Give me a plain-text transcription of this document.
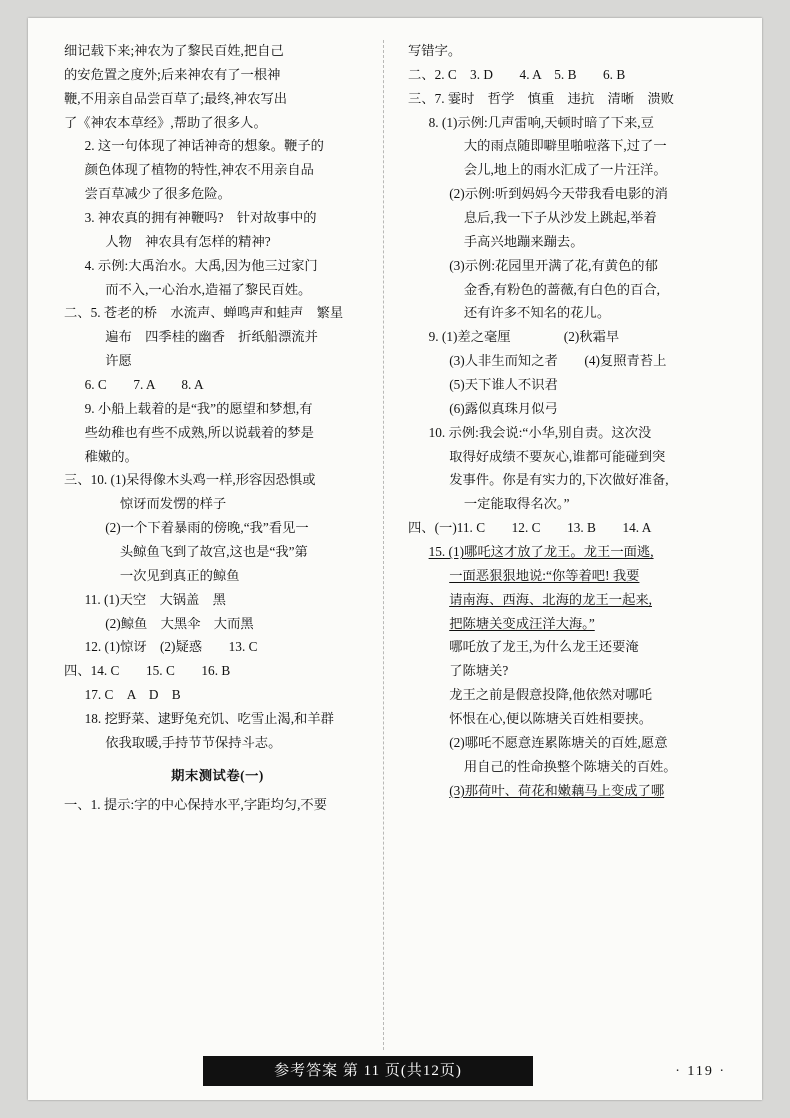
细记载下来;神农为了黎民百姓,把自己

的安危置之度外;后来神农有了一根神

鞭,不用亲自品尝百草了;最终,神农写出

了《神农本草经》,帮助了很多人。

2. 这一句体现了神话神奇的想象。鞭子的

颜色体现了植物的特性,神农不用亲自品

尝百草减少了很多危险。

3. 神农真的拥有神鞭吗?　针对故事中的

人物　神农具有怎样的精神?

4. 示例:大禹治水。大禹,因为他三过家门

而不入,一心治水,造福了黎民百姓。

二、5. 苍老的桥　水流声、蝉鸣声和蛙声　繁星

遍布　四季桂的幽香　折纸船漂流并

许愿

6. C　　7. A　　8. A

9. 小船上载着的是“我”的愿望和梦想,有

些幼稚也有些不成熟,所以说载着的梦是

稚嫩的。

三、10. (1)呆得像木头鸡一样,形容因恐惧或

惊讶而发愣的样子

(2)一个下着暴雨的傍晚,“我”看见一

头鲸鱼飞到了故宫,这也是“我”第

一次见到真正的鲸鱼

11. (1)天空　大锅盖　黑

(2)鲸鱼　大黑伞　大而黑

12. (1)惊讶　(2)疑惑　　13. C

四、14. C　　15. C　　16. B

17. C　A　D　B

18. 挖野菜、逮野兔充饥、吃雪止渴,和羊群

依我取暖,手持节节保持斗志。

期末测试卷(一)

一、1. 提示:字的中心保持水平,字距均匀,不要

写错字。

二、2. C　3. D　　4. A　5. B　　6. B

三、7. 霎时　哲学　慎重　违抗　清晰　溃败

8. (1)示例:几声雷响,天顿时暗了下来,豆

大的雨点随即噼里啪啦落下,过了一

会儿,地上的雨水汇成了一片汪洋。

(2)示例:听到妈妈今天带我看电影的消

息后,我一下子从沙发上跳起,举着

手高兴地蹦来蹦去。

(3)示例:花园里开满了花,有黄色的郁

金香,有粉色的蔷薇,有白色的百合,

还有许多不知名的花儿。

9. (1)差之毫厘　　　　(2)秋霜早

(3)人非生而知之者　　(4)复照青苔上

(5)天下谁人不识君

(6)露似真珠月似弓

10. 示例:我会说:“小华,别自责。这次没

取得好成绩不要灰心,谁都可能碰到突

发事件。你是有实力的,下次做好准备,

一定能取得名次。”

四、(一)11. C　　12. C　　13. B　　14. A

15. (1)哪吒这才放了龙王。龙王一面逃,

一面恶狠狠地说:“你等着吧! 我要

请南海、西海、北海的龙王一起来,

把陈塘关变成汪洋大海。”

哪吒放了龙王,为什么龙王还要淹

了陈塘关?

龙王之前是假意投降,他依然对哪吒

怀恨在心,便以陈塘关百姓相要挟。

(2)哪吒不愿意连累陈塘关的百姓,愿意

用自己的性命换整个陈塘关的百姓。

(3)那荷叶、荷花和嫩藕马上变成了哪

参考答案 第 11 页(共12页)	· 119 ·
